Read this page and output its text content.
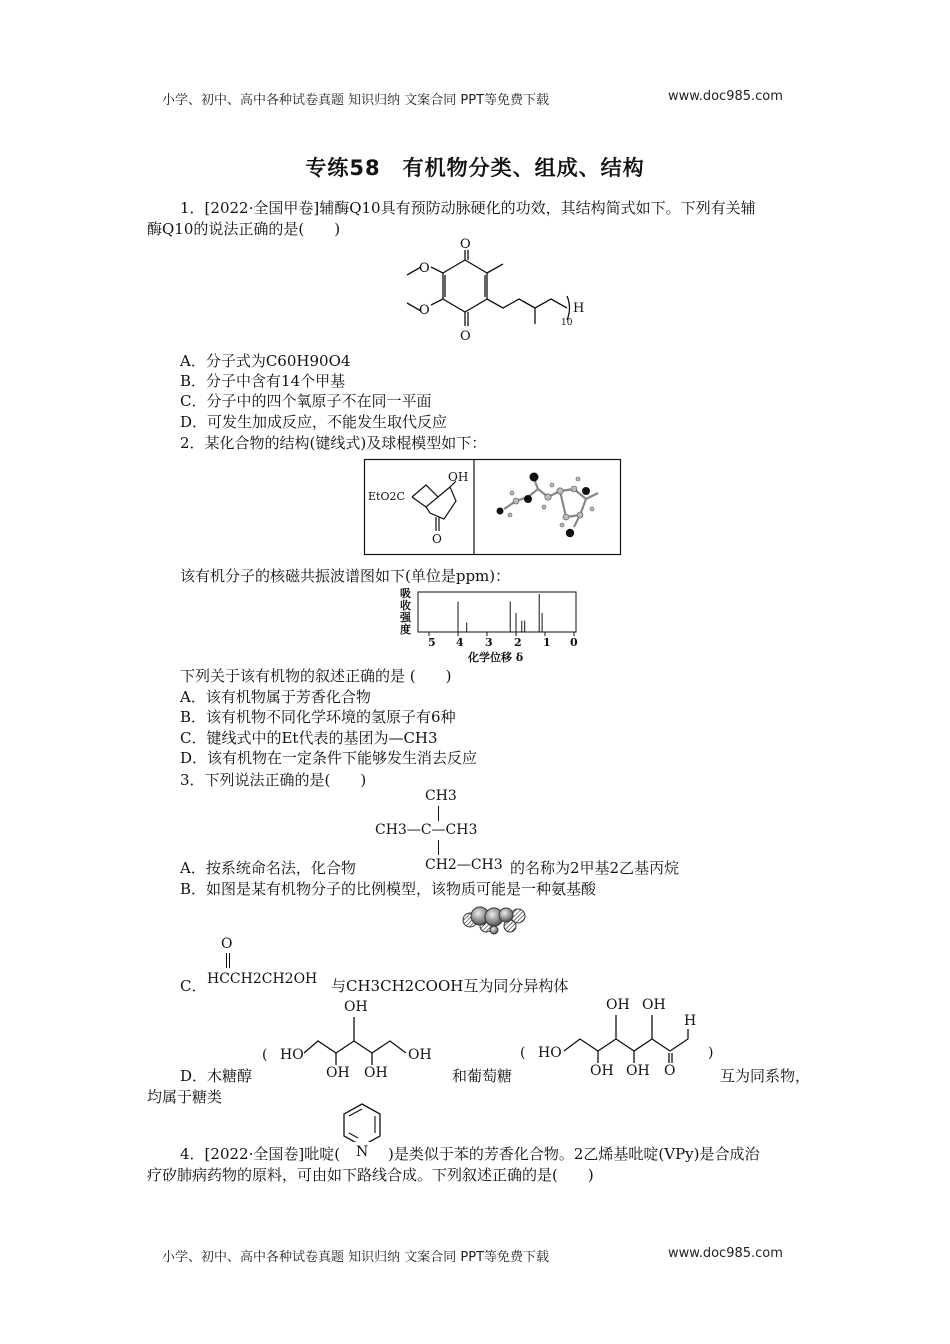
小学、初中、高中各种试卷真题 知识归纳 文案合同 PPT等免费下载	www.doc985.com
专练58　有机物分类、组成、结构
1．[2022·全国甲卷]辅酶Q10具有预防动脉硬化的功效，其结构简式如下。下列有关辅
酶Q10的说法正确的是(　　)
O
O
O
O
10
H
A．分子式为C60H90O4
B．分子中含有14个甲基
C．分子中的四个氧原子不在同一平面
D．可发生加成反应，不能发生取代反应
2．某化合物的结构(键线式)及球棍模型如下：
EtO2C
OH
O
该有机分子的核磁共振波谱图如下(单位是ppm)：
吸
收
强
度
5 4 3 2 1 0
化学位移 δ
下列关于该有机物的叙述正确的是 (　　)
A．该有机物属于芳香化合物
B．该有机物不同化学环境的氢原子有6种
C．键线式中的Et代表的基团为—CH3
D．该有机物在一定条件下能够发生消去反应
3．下列说法正确的是(　　)
CH3
CH3—C—CH3
A．按系统命名法，化合物	CH2—CH3 的名称为2甲基2乙基丙烷
B．如图是某有机物分子的比例模型，该物质可能是一种氨基酸
O
C． HCCH2CH2OH 与CH3CH2COOH互为同分异构体
( HO
OH
OH OH
OH
D．木糖醇	和葡萄糖
( HO
OH OH
OH OH O
H
)
互为同系物，
均属于糖类
N
4．[2022·全国卷]吡啶(	)是类似于苯的芳香化合物。2乙烯基吡啶(VPy)是合成治
疗矽肺病药物的原料，可由如下路线合成。下列叙述正确的是(　　)
小学、初中、高中各种试卷真题 知识归纳 文案合同 PPT等免费下载	www.doc985.com
